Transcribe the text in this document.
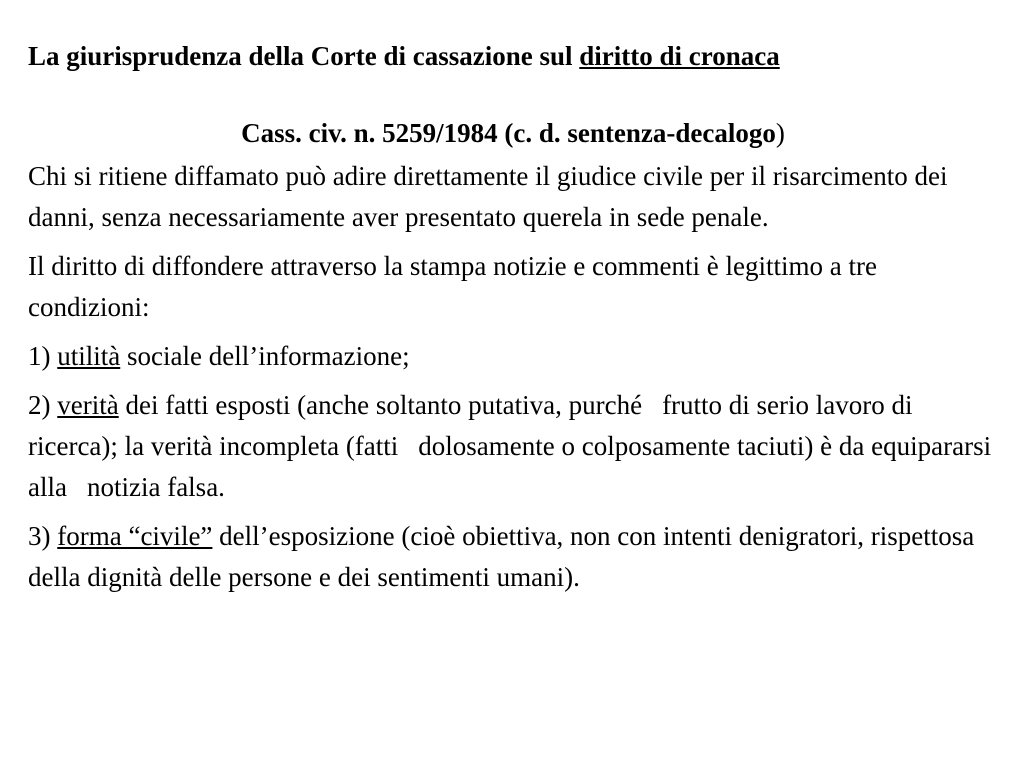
La giurisprudenza della Corte di cassazione sul diritto di cronaca
Cass. civ. n. 5259/1984 (c. d. sentenza-decalogo)

Chi si ritiene diffamato può adire direttamente il giudice civile per il risarcimento dei danni, senza necessariamente aver presentato querela in sede penale.

Il diritto di diffondere attraverso la stampa notizie e commenti è legittimo a tre condizioni:

1) utilità sociale dell’informazione;

2) verità dei fatti esposti (anche soltanto putativa, purché frutto di serio lavoro di ricerca); la verità incompleta (fatti dolosamente o colposamente taciuti) è da equipararsi alla notizia falsa.

3) forma “civile” dell’esposizione (cioè obiettiva, non con intenti denigratori, rispettosa della dignità delle persone e dei sentimenti umani).
